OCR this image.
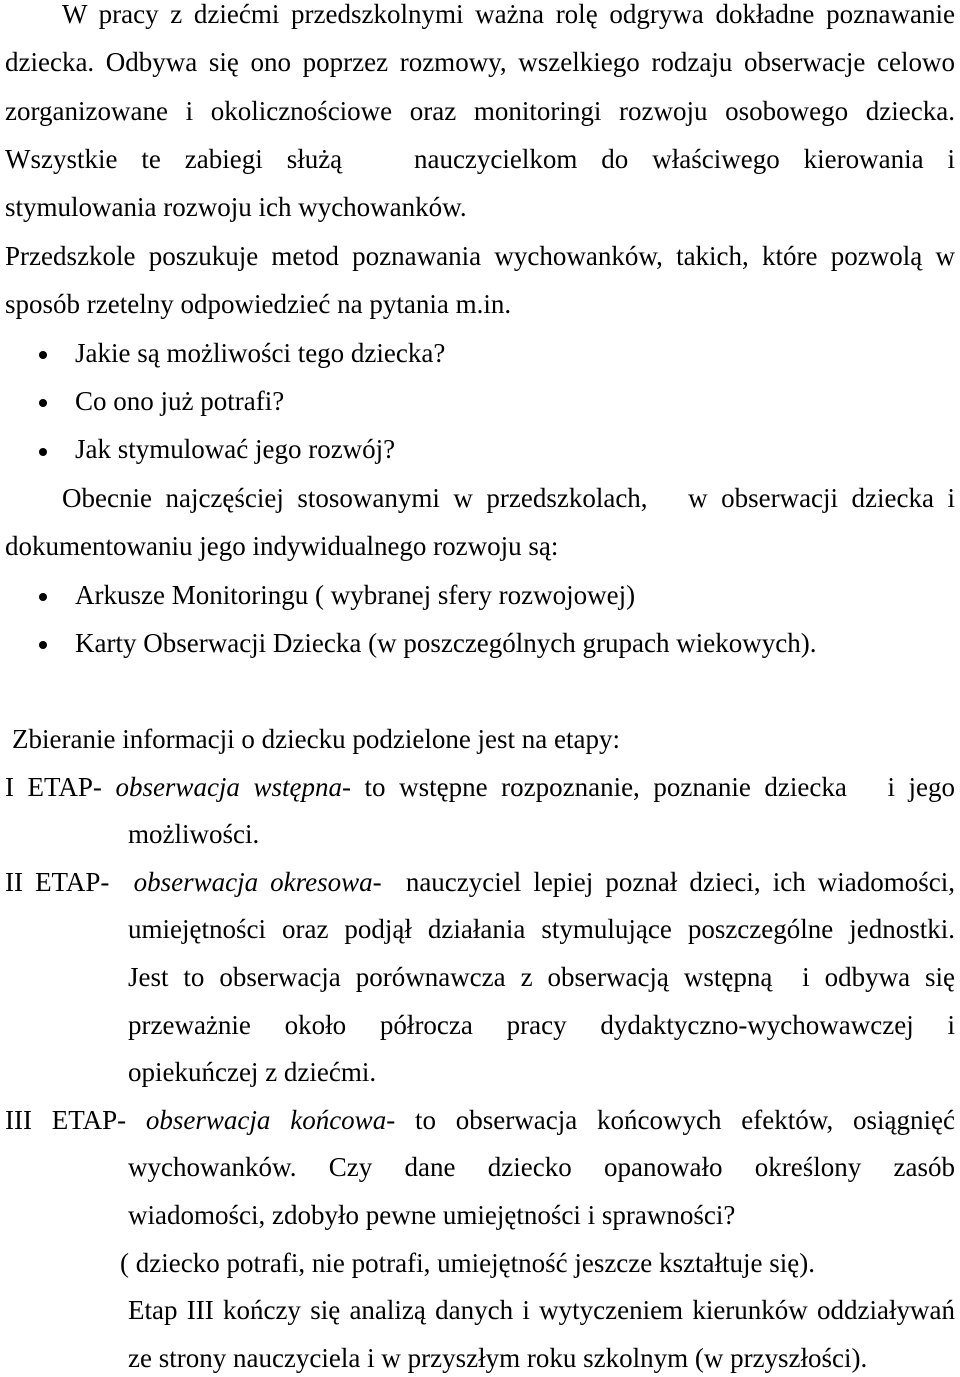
W pracy z dziećmi przedszkolnymi ważna rolę odgrywa dokładne poznawanie
dziecka. Odbywa się ono poprzez rozmowy, wszelkiego rodzaju obserwacje celowo
zorganizowane i okolicznościowe oraz monitoringi rozwoju osobowego dziecka.
Wszystkie te zabiegi służą   nauczycielkom do właściwego kierowania i
stymulowania rozwoju ich wychowanków.
Przedszkole poszukuje metod poznawania wychowanków, takich, które pozwolą w
sposób rzetelny odpowiedzieć na pytania m.in.
Jakie są możliwości tego dziecka?
Co ono już potrafi?
Jak stymulować jego rozwój?
Obecnie najczęściej stosowanymi w przedszkolach,   w obserwacji dziecka i
dokumentowaniu jego indywidualnego rozwoju są:
Arkusze Monitoringu ( wybranej sfery rozwojowej)
Karty Obserwacji Dziecka (w poszczególnych grupach wiekowych).
Zbieranie informacji o dziecku podzielone jest na etapy:
I ETAP- obserwacja wstępna- to wstępne rozpoznanie, poznanie dziecka   i jego
możliwości.
II ETAP- obserwacja okresowa-  nauczyciel lepiej poznał dzieci, ich wiadomości,
umiejętności oraz podjął działania stymulujące poszczególne jednostki.
Jest to obserwacja porównawcza z obserwacją wstępną  i odbywa się
przeważnie około półrocza pracy dydaktyczno-wychowawczej i
opiekuńczej z dziećmi.
III ETAP- obserwacja końcowa- to obserwacja końcowych efektów, osiągnięć
wychowanków. Czy dane dziecko opanowało określony zasób
wiadomości, zdobyło pewne umiejętności i sprawności?
( dziecko potrafi, nie potrafi, umiejętność jeszcze kształtuje się).
Etap III kończy się analizą danych i wytyczeniem kierunków oddziaływań
ze strony nauczyciela i w przyszłym roku szkolnym (w przyszłości).
